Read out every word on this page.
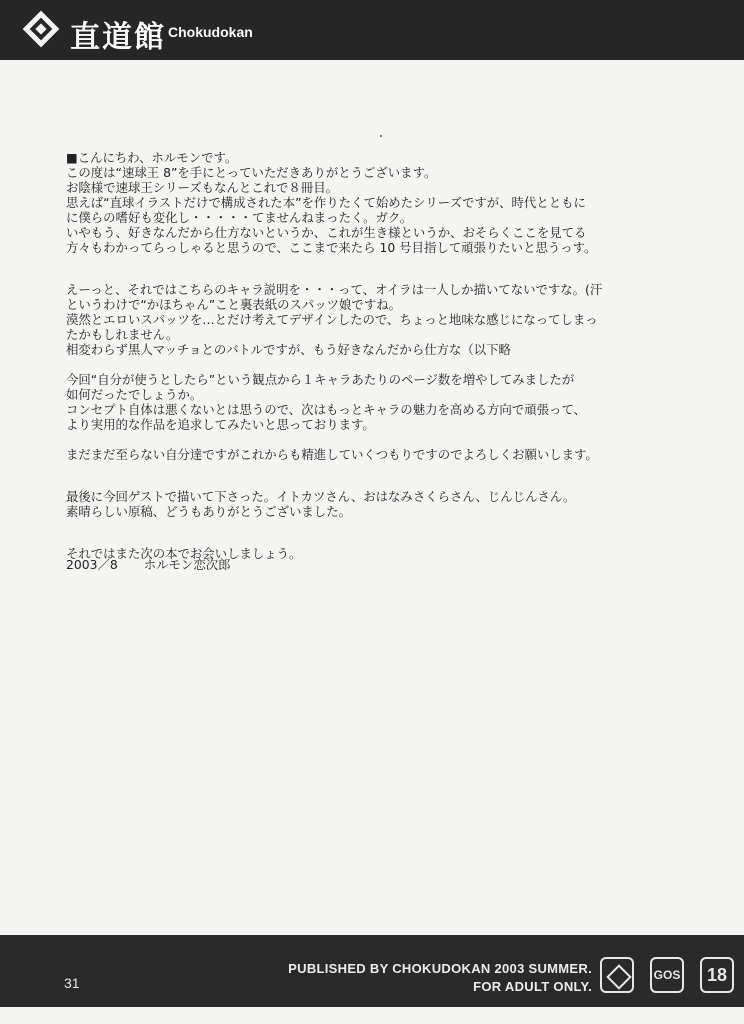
直道館 Chokudokan

■こんにちわ、ホルモンです。

この度は“速球王 8”を手にとっていただきありがとうございます。

お陰様で速球王シリーズもなんとこれで８冊目。

思えば“直球イラストだけで構成された本”を作りたくて始めたシリーズですが、時代とともに

に僕らの嗜好も変化し・・・・・てませんねまったく。ガク。

いやもう、好きなんだから仕方ないというか、これが生き様というか、おそらくここを見てる

方々もわかってらっしゃると思うので、ここまで来たら 10 号目指して頑張りたいと思うっす。

えーっと、それではこちらのキャラ説明を・・・って、オイラは一人しか描いてないですな。(汗

というわけで“かほちゃん”こと裏表紙のスパッツ娘ですね。

漠然とエロいスパッツを…とだけ考えてデザインしたので、ちょっと地味な感じになってしまっ

たかもしれません。

相変わらず黒人マッチョとのバトルですが、もう好きなんだから仕方な（以下略

今回“自分が使うとしたら”という観点から１キャラあたりのページ数を増やしてみましたが

如何だったでしょうか。

コンセプト自体は悪くないとは思うので、次はもっとキャラの魅力を高める方向で頑張って、

より実用的な作品を追求してみたいと思っております。

まだまだ至らない自分達ですがこれからも精進していくつもりですのでよろしくお願いします。

最後に今回ゲストで描いて下さった。イトカツさん、おはなみさくらさん、じんじんさん。

素晴らしい原稿、どうもありがとうございました。

それではまた次の本でお会いしましょう。

2003／8 ホルモン恋次郎
31
PUBLISHED BY CHOKUDOKAN 2003 SUMMER.
FOR ADULT ONLY.
GOS	18
